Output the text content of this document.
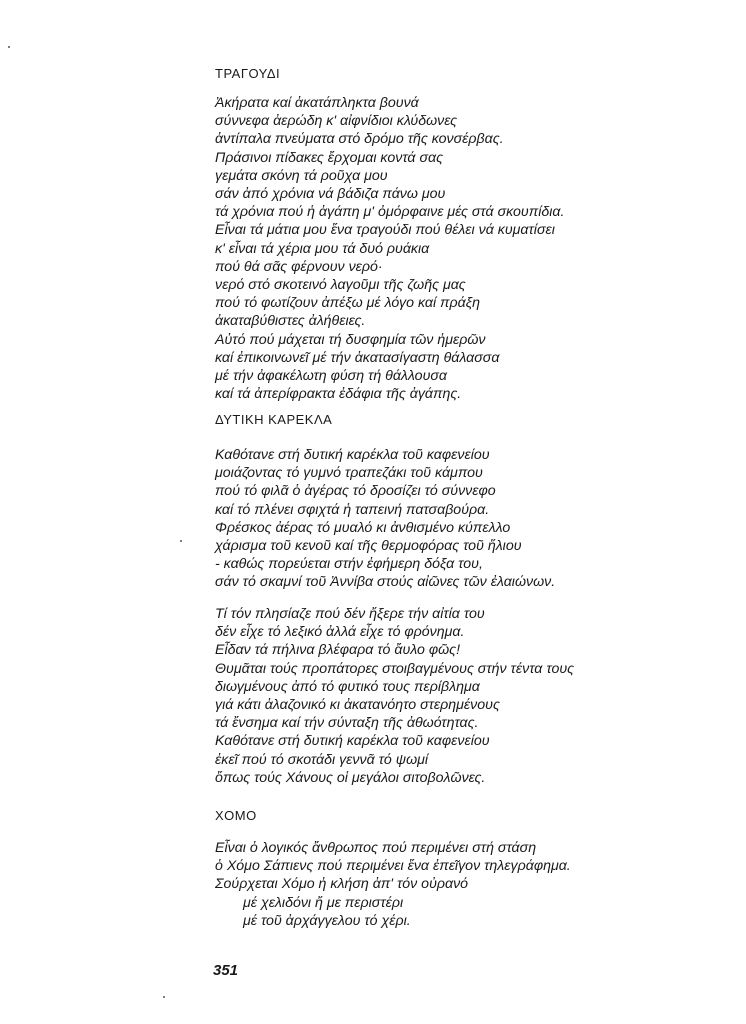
ΤΡΑΓΟΥΔΙ
Ἀκήρατα καί ἀκατάπληκτα βουνά
σύννεφα ἀερώδη κ' αἰφνίδιοι κλύδωνες
ἀντίπαλα πνεύματα στό δρόμο τῆς κονσέρβας.
Πράσινοι πίδακες ἔρχομαι κοντά σας
γεμάτα σκόνη τά ροῦχα μου
σάν ἀπό χρόνια νά βάδιζα πάνω μου
τά χρόνια πού ἡ ἀγάπη μ' ὀμόρφαινε μές στά σκουπίδια.
Εἶναι τά μάτια μου ἕνα τραγούδι πού θέλει νά κυματίσει
κ' εἶναι τά χέρια μου τά δυό ρυάκια
πού θά σᾶς φέρνουν νερό·
νερό στό σκοτεινό λαγοῦμι τῆς ζωῆς μας
πού τό φωτίζουν ἀπέξω μέ λόγο καί πράξη
ἀκαταβύθιστες ἀλήθειες.
Αὐτό πού μάχεται τή δυσφημία τῶν ἡμερῶν
καί ἐπικοινωνεῖ μέ τήν ἀκατασίγαστη θάλασσα
μέ τήν ἀφακέλωτη φύση τή θάλλουσα
καί τά ἀπερίφρακτα ἐδάφια τῆς ἀγάπης.
ΔΥΤΙΚΗ ΚΑΡΕΚΛΑ
Καθότανε στή δυτική καρέκλα τοῦ καφενείου
μοιάζοντας τό γυμνό τραπεζάκι τοῦ κάμπου
πού τό φιλᾶ ὁ ἀγέρας τό δροσίζει τό σύννεφο
καί τό πλένει σφιχτά ἡ ταπεινή πατσαβούρα.
Φρέσκος ἀέρας τό μυαλό κι ἀνθισμένο κύπελλο
χάρισμα τοῦ κενοῦ καί τῆς θερμοφόρας τοῦ ἥλιου
- καθώς πορεύεται στήν ἐφήμερη δόξα του,
σάν τό σκαμνί τοῦ Ἀννίβα στούς αἰῶνες τῶν ἐλαιώνων.
Τί τόν πλησίαζε πού δέν ἤξερε τήν αἰτία του
δέν εἶχε τό λεξικό ἀλλά εἶχε τό φρόνημα.
Εἶδαν τά πήλινα βλέφαρα τό ἄυλο φῶς!
Θυμᾶται τούς προπάτορες στοιβαγμένους στήν τέντα τους
διωγμένους ἀπό τό φυτικό τους περίβλημα
γιά κάτι ἀλαζονικό κι ἀκατανόητο στερημένους
τά ἔνσημα καί τήν σύνταξη τῆς ἀθωότητας.
Καθότανε στή δυτική καρέκλα τοῦ καφενείου
ἐκεῖ πού τό σκοτάδι γεννᾶ τό ψωμί
ὅπως τούς Χάνους οἱ μεγάλοι σιτοβολῶνες.
ΧΟΜΟ
Εἶναι ὁ λογικός ἄνθρωπος πού περιμένει στή στάση
ὁ Χόμο Σάπιενς πού περιμένει ἕνα ἐπεῖγον τηλεγράφημα.
Σούρχεται Χόμο ἡ κλήση ἀπ' τόν οὐρανό
μέ χελιδόνι ἤ με περιστέρι
μέ τοῦ ἀρχάγγελου τό χέρι.
351
